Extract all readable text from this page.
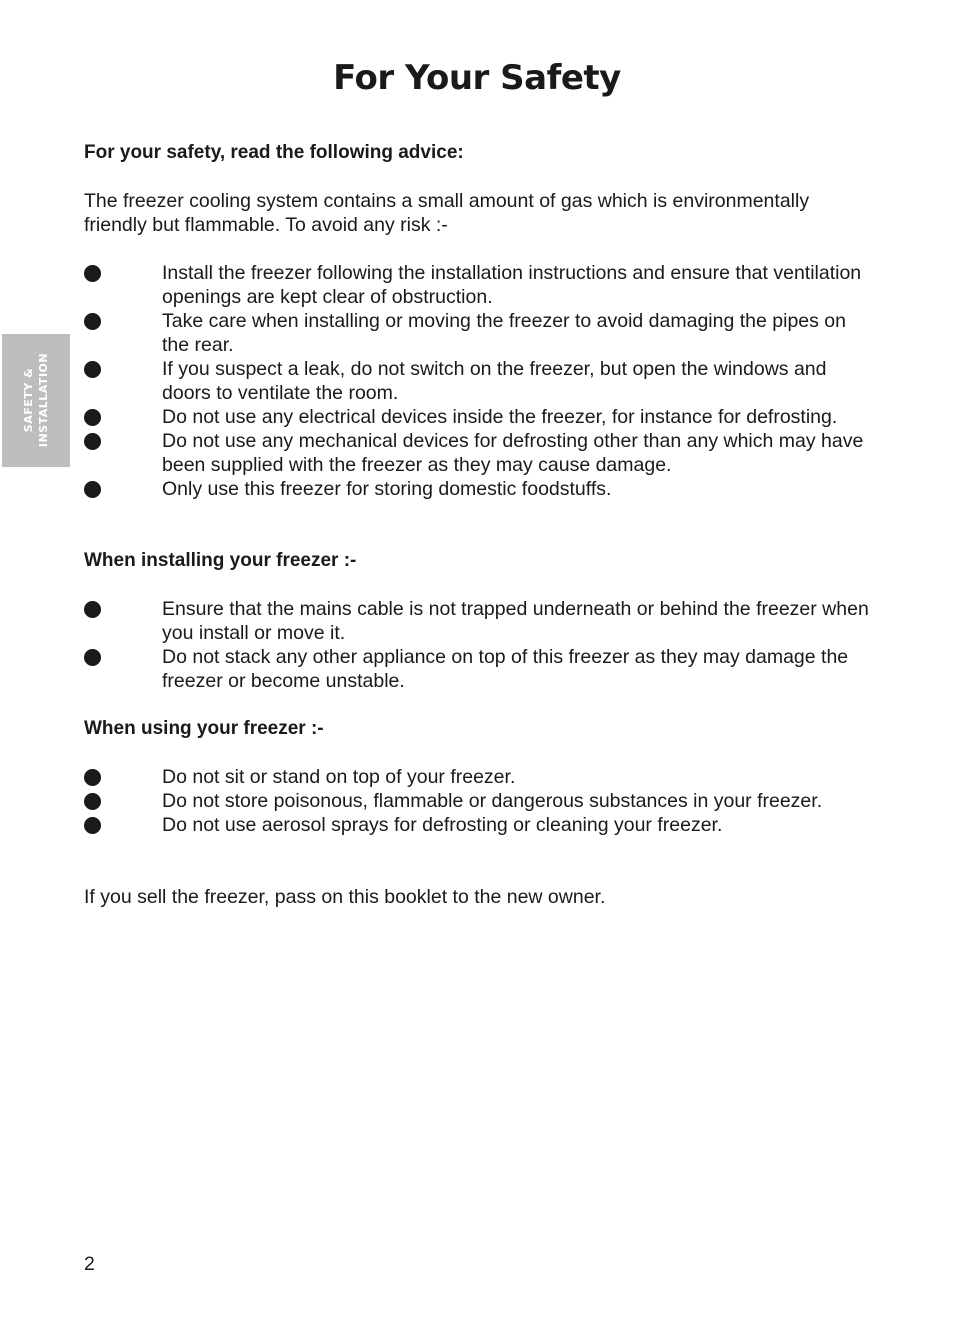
SAFETY & INSTALLATION
For Your Safety

For your safety, read the following advice:

The freezer cooling system contains a small amount of gas which is environmentally friendly but flammable. To avoid any risk :-

Install the freezer following the installation instructions and ensure that ventilation openings are kept clear of obstruction.
Take care when installing or moving the freezer to avoid damaging the pipes on the rear.
If you suspect a leak, do not switch on the freezer, but open the windows and doors to ventilate the room.
Do not use any electrical devices inside the freezer, for instance for defrosting.
Do not use any mechanical devices for defrosting other than any which may have been supplied with the freezer as they may cause damage.
Only use this freezer for storing domestic foodstuffs.

When installing your freezer :-

Ensure that the mains cable is not trapped underneath or behind the freezer when you install or move it.
Do not stack any other appliance on top of this freezer as they may damage the freezer or become unstable.

When using your freezer :-

Do not sit or stand on top of your freezer.
Do not store poisonous, flammable or dangerous substances in your freezer.
Do not use aerosol sprays for defrosting or cleaning your freezer.

If you sell the freezer, pass on this booklet to the new owner.

2
